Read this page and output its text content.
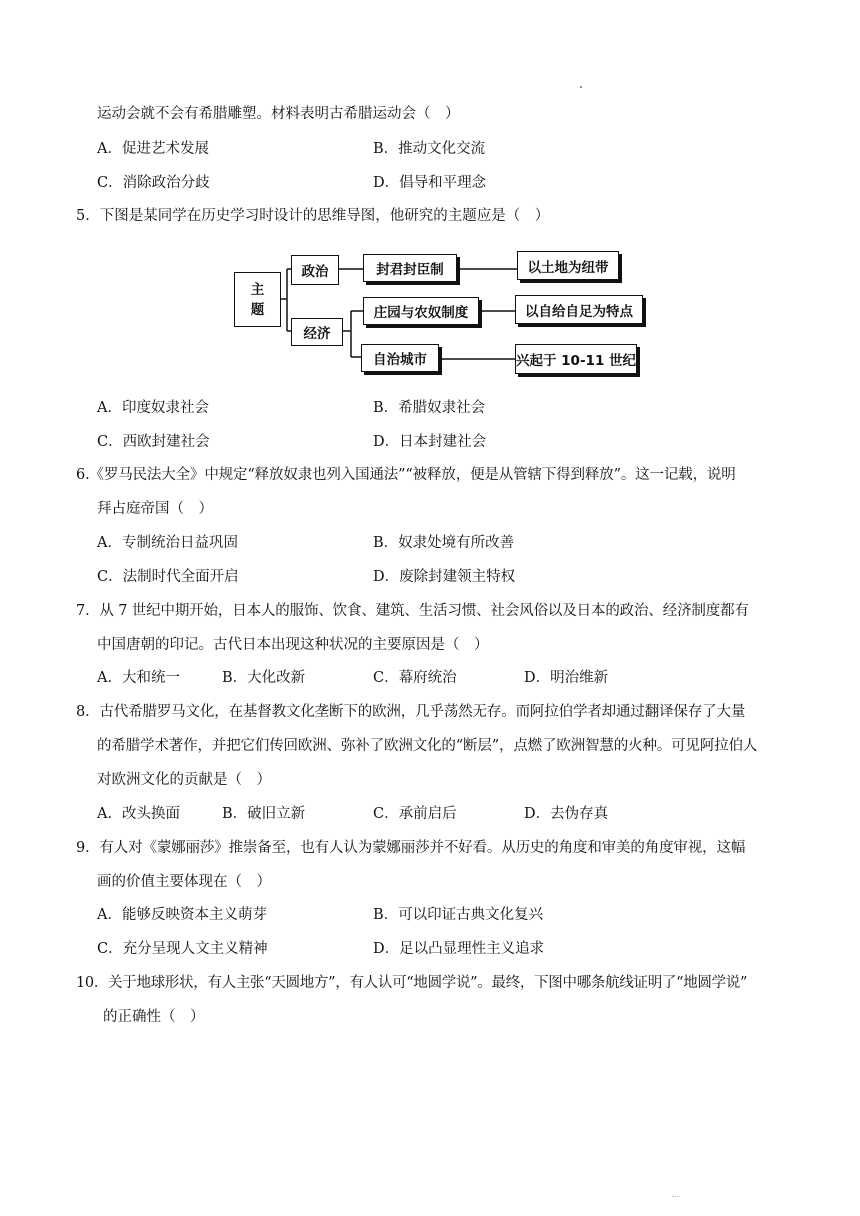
运动会就不会有希腊雕塑。材料表明古希腊运动会（　）
A．促进艺术发展	B．推动文化交流
C．消除政治分歧	D．倡导和平理念
5．下图是某同学在历史学习时设计的思维导图，他研究的主题应是（　）
主
题
政治
经济
封君封臣制	以土地为纽带
庄园与农奴制度	以自给自足为特点
自治城市	兴起于 10-11 世纪
A．印度奴隶社会	B．希腊奴隶社会
C．西欧封建社会	D．日本封建社会
6.《罗马民法大全》中规定“释放奴隶也列入国通法”“被释放，便是从管辖下得到释放”。这一记载，说明
拜占庭帝国（　）
A．专制统治日益巩固	B．奴隶处境有所改善
C．法制时代全面开启	D．废除封建领主特权
7．从 7 世纪中期开始，日本人的服饰、饮食、建筑、生活习惯、社会风俗以及日本的政治、经济制度都有
中国唐朝的印记。古代日本出现这种状况的主要原因是（　）
A．大和统一	B．大化改新	C．幕府统治	D．明治维新
8．古代希腊罗马文化，在基督教文化垄断下的欧洲，几乎荡然无存。而阿拉伯学者却通过翻译保存了大量
的希腊学术著作，并把它们传回欧洲、弥补了欧洲文化的“断层”，点燃了欧洲智慧的火种。可见阿拉伯人
对欧洲文化的贡献是（　）
A．改头换面	B．破旧立新	C．承前启后	D．去伪存真
9．有人对《蒙娜丽莎》推崇备至，也有人认为蒙娜丽莎并不好看。从历史的角度和审美的角度审视，这幅
画的价值主要体现在（　）
A．能够反映资本主义萌芽	B．可以印证古典文化复兴
C．充分呈现人文主义精神	D．足以凸显理性主义追求
10．关于地球形状，有人主张“天圆地方”，有人认可“地圆学说”。最终，下图中哪条航线证明了“地圆学说”
的正确性（　）
